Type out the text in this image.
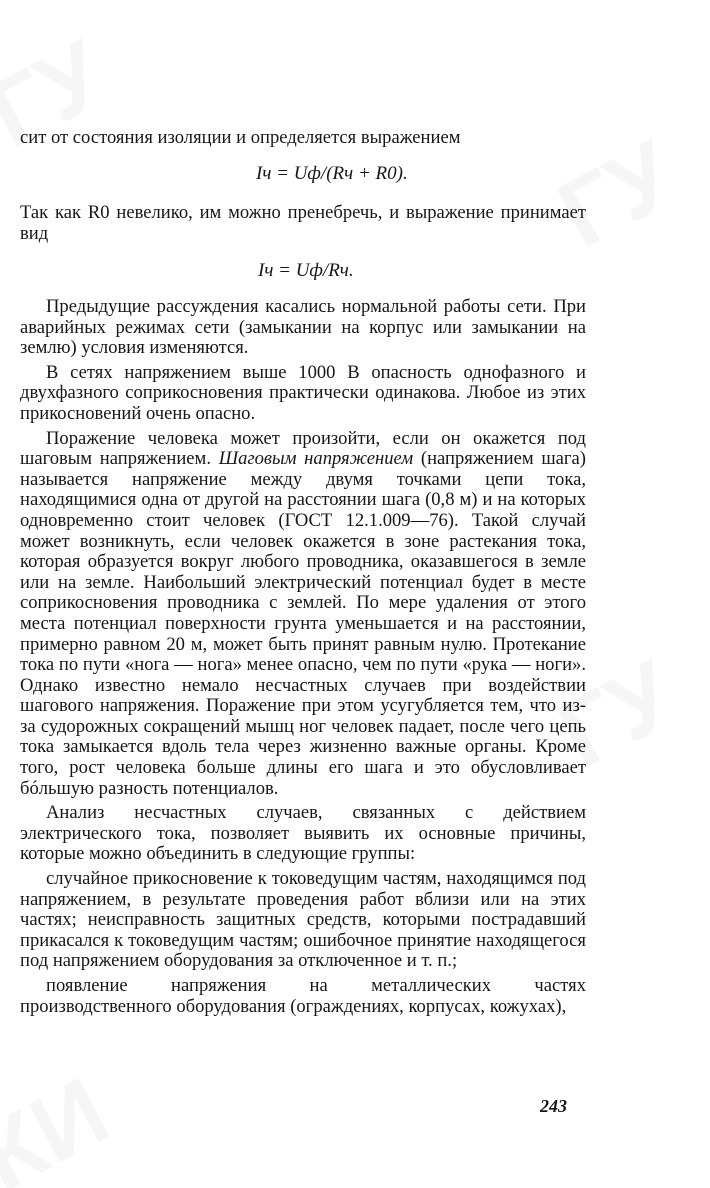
сит от состояния изоляции и определяется выражением

Iч = Uф/(Rч + R0).

Так как R0 невелико, им можно пренебречь, и выражение принимает вид

Iч = Uф/Rч.

Предыдущие рассуждения касались нормальной работы сети. При аварийных режимах сети (замыкании на корпус или замыкании на землю) условия изменяются.

В сетях напряжением выше 1000 В опасность однофазного и двухфазного соприкосновения практически одинакова. Любое из этих прикосновений очень опасно.

Поражение человека может произойти, если он окажется под шаговым напряжением. Шаговым напряжением (напряжением шага) называется напряжение между двумя точками цепи тока, находящимися одна от другой на расстоянии шага (0,8 м) и на которых одновременно стоит человек (ГОСТ 12.1.009—76). Такой случай может возникнуть, если человек окажется в зоне растекания тока, которая образуется вокруг любого проводника, оказавшегося в земле или на земле. Наибольший электрический потенциал будет в месте соприкосновения проводника с землей. По мере удаления от этого места потенциал поверхности грунта уменьшается и на расстоянии, примерно равном 20 м, может быть принят равным нулю. Протекание тока по пути «нога — нога» менее опасно, чем по пути «рука — ноги». Однако известно немало несчастных случаев при воздействии шагового напряжения. Поражение при этом усугубляется тем, что из-за судорожных сокращений мышц ног человек падает, после чего цепь тока замыкается вдоль тела через жизненно важные органы. Кроме того, рост человека больше длины его шага и это обусловливает бóльшую разность потенциалов.

Анализ несчастных случаев, связанных с действием электрического тока, позволяет выявить их основные причины, которые можно объединить в следующие группы:

случайное прикосновение к токоведущим частям, находящимся под напряжением, в результате проведения работ вблизи или на этих частях; неисправность защитных средств, которыми пострадавший прикасался к токоведущим частям; ошибочное принятие находящегося под напряжением оборудования за отключенное и т. п.;

появление напряжения на металлических частях производственного оборудования (ограждениях, корпусах, кожухах),

243
